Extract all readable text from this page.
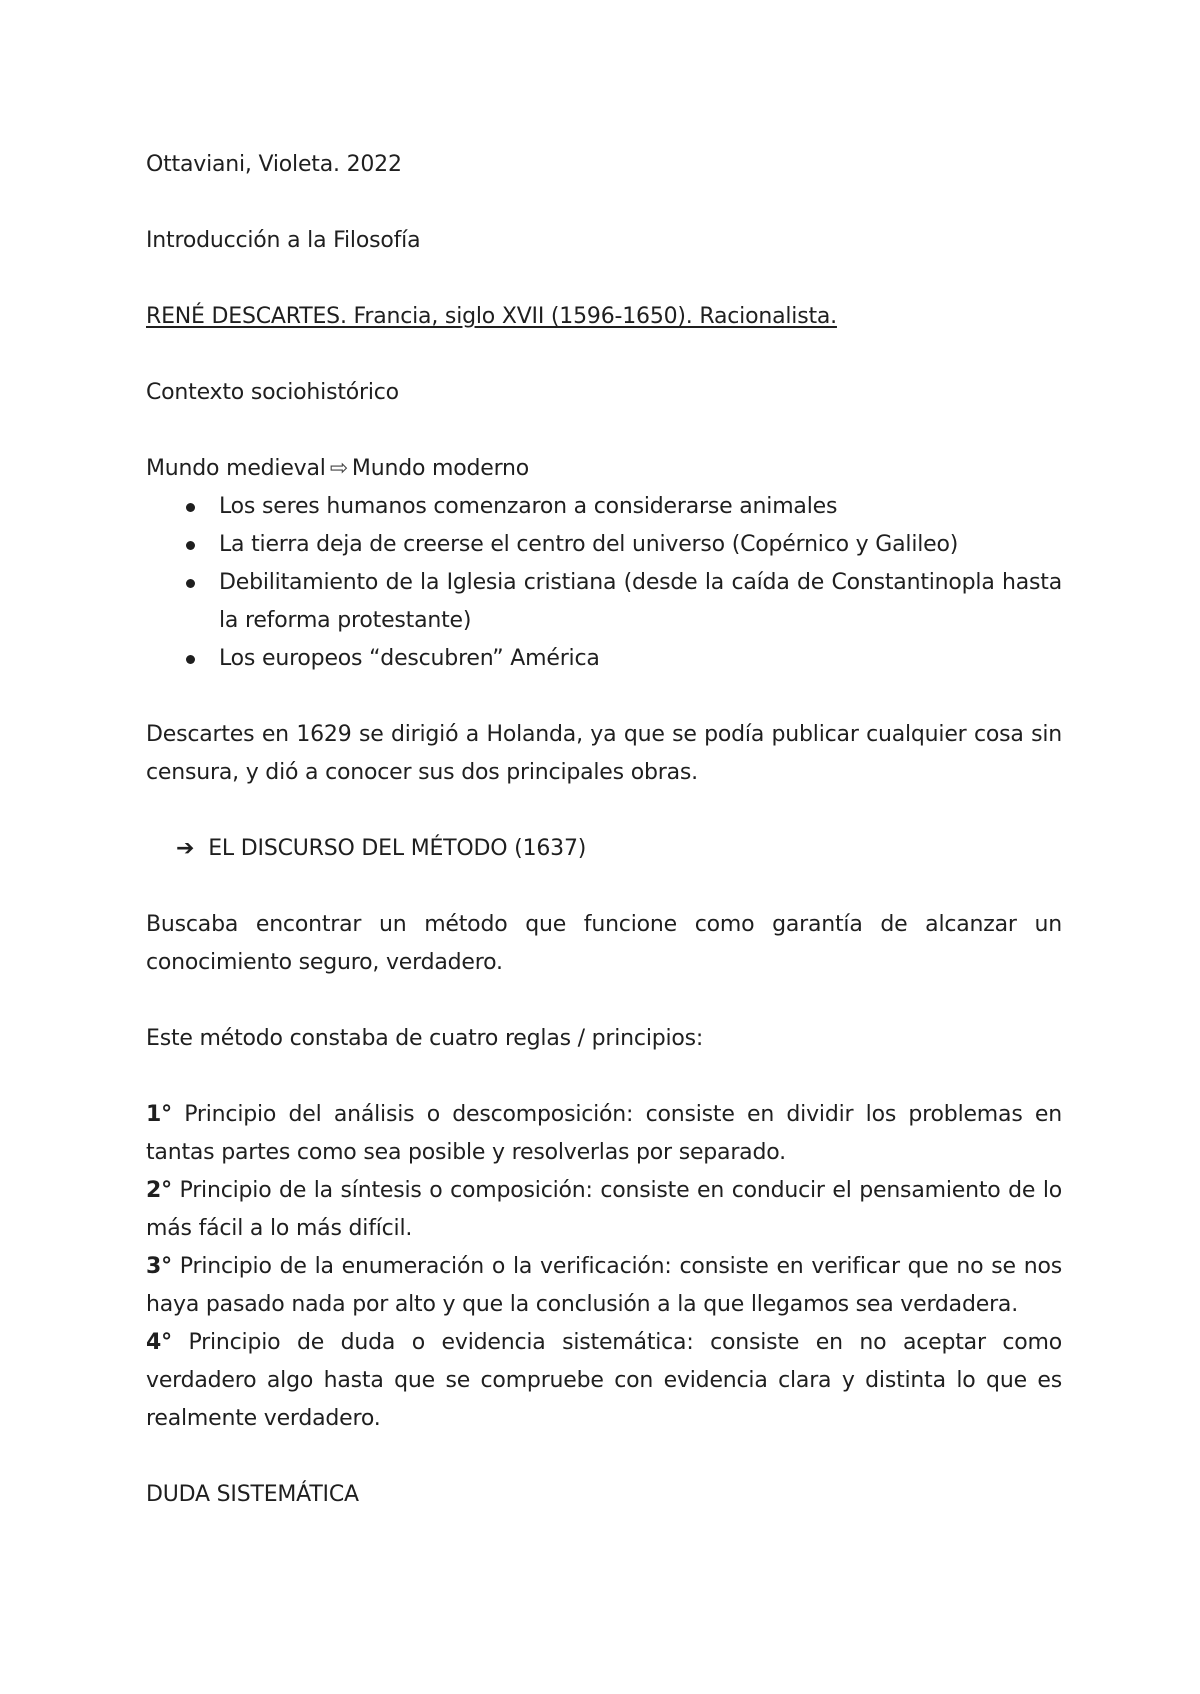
Ottaviani, Violeta. 2022

Introducción a la Filosofía

RENÉ DESCARTES. Francia, siglo XVII (1596-1650). Racionalista.

Contexto sociohistórico

Mundo medieval ⇨ Mundo moderno

Los seres humanos comenzaron a considerarse animales
La tierra deja de creerse el centro del universo (Copérnico y Galileo)
Debilitamiento de la Iglesia cristiana (desde la caída de Constantinopla hasta la reforma protestante)
Los europeos “descubren” América

Descartes en 1629 se dirigió a Holanda, ya que se podía publicar cualquier cosa sin censura, y dió a conocer sus dos principales obras.

➔ EL DISCURSO DEL MÉTODO (1637)

Buscaba encontrar un método que funcione como garantía de alcanzar un conocimiento seguro, verdadero.

Este método constaba de cuatro reglas / principios:

1° Principio del análisis o descomposición: consiste en dividir los problemas en tantas partes como sea posible y resolverlas por separado.

2° Principio de la síntesis o composición: consiste en conducir el pensamiento de lo más fácil a lo más difícil.

3° Principio de la enumeración o la verificación: consiste en verificar que no se nos haya pasado nada por alto y que la conclusión a la que llegamos sea verdadera.

4° Principio de duda o evidencia sistemática: consiste en no aceptar como verdadero algo hasta que se compruebe con evidencia clara y distinta lo que es realmente verdadero.

DUDA SISTEMÁTICA
